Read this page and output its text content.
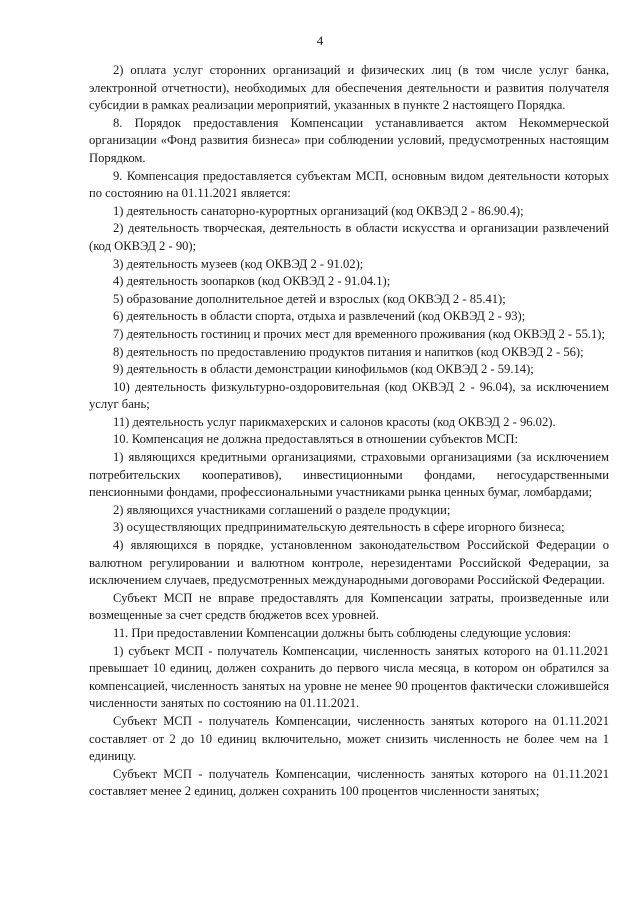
4

2) оплата услуг сторонних организаций и физических лиц (в том числе услуг банка, электронной отчетности), необходимых для обеспечения деятельности и развития получателя субсидии в рамках реализации мероприятий, указанных в пункте 2 настоящего Порядка.

8. Порядок предоставления Компенсации устанавливается актом Некоммерческой организации «Фонд развития бизнеса» при соблюдении условий, предусмотренных настоящим Порядком.

9. Компенсация предоставляется субъектам МСП, основным видом деятельности которых по состоянию на 01.11.2021 является:

1) деятельность санаторно-курортных организаций (код ОКВЭД 2 - 86.90.4);

2) деятельность творческая, деятельность в области искусства и организации развлечений (код ОКВЭД 2 - 90);

3) деятельность музеев (код ОКВЭД 2 - 91.02);

4) деятельность зоопарков (код ОКВЭД 2 - 91.04.1);

5) образование дополнительное детей и взрослых (код ОКВЭД 2 - 85.41);

6) деятельность в области спорта, отдыха и развлечений (код ОКВЭД 2 - 93);

7) деятельность гостиниц и прочих мест для временного проживания (код ОКВЭД 2 - 55.1);

8) деятельность по предоставлению продуктов питания и напитков (код ОКВЭД 2 - 56);

9) деятельность в области демонстрации кинофильмов (код ОКВЭД 2 - 59.14);

10) деятельность физкультурно-оздоровительная (код ОКВЭД 2 - 96.04), за исключением услуг бань;

11) деятельность услуг парикмахерских и салонов красоты (код ОКВЭД 2 - 96.02).

10. Компенсация не должна предоставляться в отношении субъектов МСП:

1) являющихся кредитными организациями, страховыми организациями (за исключением потребительских кооперативов), инвестиционными фондами, негосударственными пенсионными фондами, профессиональными участниками рынка ценных бумаг, ломбардами;

2) являющихся участниками соглашений о разделе продукции;

3) осуществляющих предпринимательскую деятельность в сфере игорного бизнеса;

4) являющихся в порядке, установленном законодательством Российской Федерации о валютном регулировании и валютном контроле, нерезидентами Российской Федерации, за исключением случаев, предусмотренных международными договорами Российской Федерации.

Субъект МСП не вправе предоставлять для Компенсации затраты, произведенные или возмещенные за счет средств бюджетов всех уровней.

11. При предоставлении Компенсации должны быть соблюдены следующие условия:

1) субъект МСП - получатель Компенсации, численность занятых которого на 01.11.2021 превышает 10 единиц, должен сохранить до первого числа месяца, в котором он обратился за компенсацией, численность занятых на уровне не менее 90 процентов фактически сложившейся численности занятых по состоянию на 01.11.2021.

Субъект МСП - получатель Компенсации, численность занятых которого на 01.11.2021 составляет от 2 до 10 единиц включительно, может снизить численность не более чем на 1 единицу.

Субъект МСП - получатель Компенсации, численность занятых которого на 01.11.2021 составляет менее 2 единиц, должен сохранить 100 процентов численности занятых;
